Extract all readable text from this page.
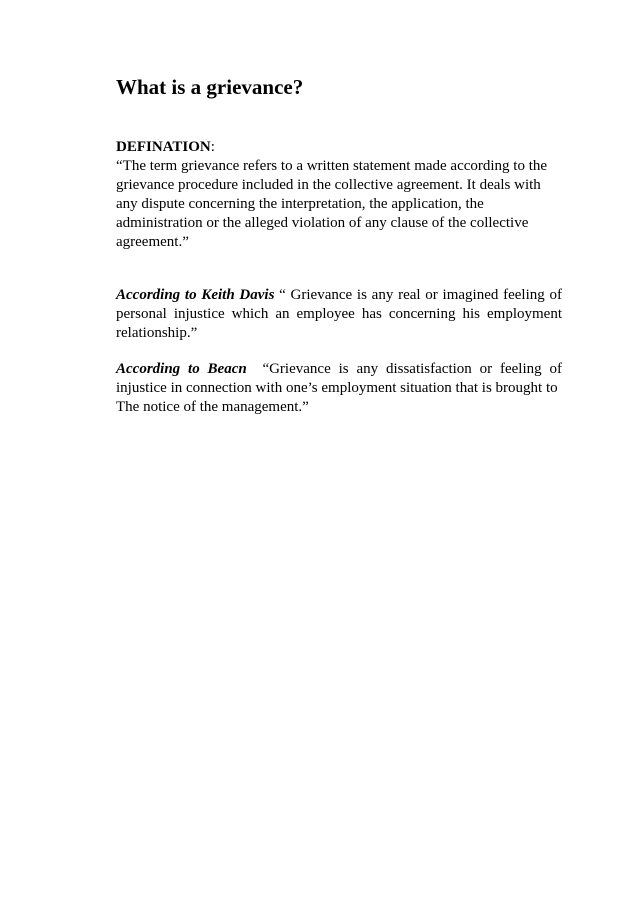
What is a grievance?

DEFINATION:

“The term grievance refers to a written statement made according to the
grievance procedure included in the collective agreement. It deals with
any dispute concerning the interpretation, the application, the
administration or the alleged violation of any clause of the collective
agreement.”

According to Keith Davis “ Grievance is any real or imagined feeling of
personal injustice which an employee has concerning his employment
relationship.”

According to Beacn  “Grievance is any dissatisfaction or feeling of
injustice in connection with one’s employment situation that is brought to
The notice of the management.”
